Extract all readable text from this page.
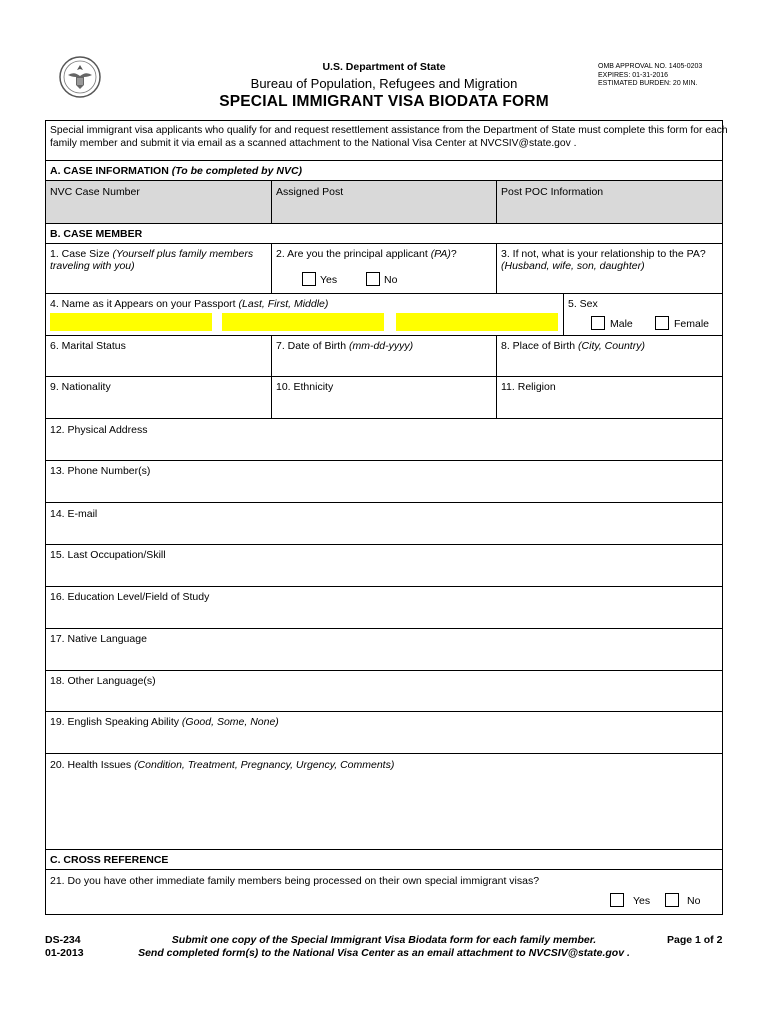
U.S. Department of State
Bureau of Population, Refugees and Migration
SPECIAL IMMIGRANT VISA BIODATA FORM
OMB APPROVAL NO. 1405-0203
EXPIRES: 01-31-2016
ESTIMATED BURDEN: 20 MIN.
Special immigrant visa applicants who qualify for and request resettlement assistance from the Department of State must complete this form for each
family member and submit it via email as a scanned attachment to the National Visa Center at NVCSIV@state.gov .
A. CASE INFORMATION (To be completed by NVC)
NVC Case Number	Assigned Post	Post POC Information
B. CASE MEMBER
1. Case Size (Yourself plus family members
traveling with you)
2. Are you the principal applicant (PA)?
Yes	No
3. If not, what is your relationship to the PA?
(Husband, wife, son, daughter)
4. Name as it Appears on your Passport (Last, First, Middle)	5. Sex
Male	Female
6. Marital Status	7. Date of Birth (mm-dd-yyyy)	8. Place of Birth (City, Country)
9. Nationality	10. Ethnicity	11. Religion
12. Physical Address
13. Phone Number(s)
14. E-mail
15. Last Occupation/Skill
16. Education Level/Field of Study
17. Native Language
18. Other Language(s)
19. English Speaking Ability (Good, Some, None)
20. Health Issues (Condition, Treatment, Pregnancy, Urgency, Comments)
C. CROSS REFERENCE
21. Do you have other immediate family members being processed on their own special immigrant visas?
Yes	No
DS-234
01-2013
Submit one copy of the Special Immigrant Visa Biodata form for each family member.
Send completed form(s) to the National Visa Center as an email attachment to NVCSIV@state.gov .
Page 1 of 2
